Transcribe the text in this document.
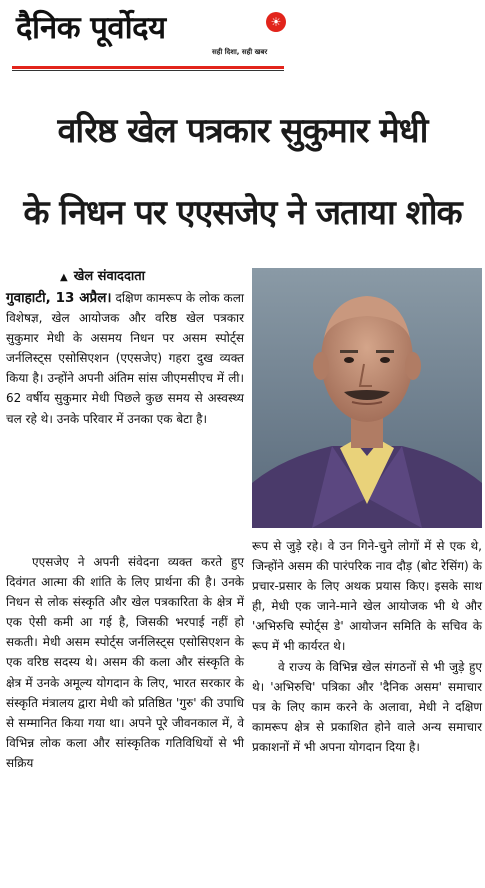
दैनिक पूर्वोदय	☀
सही दिशा, सही खबर
वरिष्ठ खेल पत्रकार सुकुमार मेधी
के निधन पर एएसजेए ने जताया शोक
▲ खेल संवाददाता

गुवाहाटी, 13 अप्रैल। दक्षिण कामरूप के लोक कला विशेषज्ञ, खेल आयोजक और वरिष्ठ खेल पत्रकार सुकुमार मेधी के असमय निधन पर असम स्पोर्ट्स जर्नलिस्ट्स एसोसिएशन (एएसजेए) गहरा दुख व्यक्त किया है। उन्होंने अपनी अंतिम सांस जीएमसीएच में ली। 62 वर्षीय सुकुमार मेधी पिछले कुछ समय से अस्वस्थ्य चल रहे थे। उनके परिवार में उनका एक बेटा है।

एएसजेए ने अपनी संवेदना व्यक्त करते हुए दिवंगत आत्मा की शांति के लिए प्रार्थना की है। उनके निधन से लोक संस्कृति और खेल पत्रकारिता के क्षेत्र में एक ऐसी कमी आ गई है, जिसकी भरपाई नहीं हो सकती। मेधी असम स्पोर्ट्स जर्नलिस्ट्स एसोसिएशन के एक वरिष्ठ सदस्य थे। असम की कला और संस्कृति के क्षेत्र में उनके अमूल्य योगदान के लिए, भारत सरकार के संस्कृति मंत्रालय द्वारा मेधी को प्रतिष्ठित 'गुरु' की उपाधि से सम्मानित किया गया था। अपने पूरे जीवनकाल में, वे विभिन्न लोक कला और सांस्कृतिक गतिविधियों से भी सक्रिय

रूप से जुड़े रहे। वे उन गिने-चुने लोगों में से एक थे, जिन्होंने असम की पारंपरिक नाव दौड़ (बोट रेसिंग) के प्रचार-प्रसार के लिए अथक प्रयास किए। इसके साथ ही, मेधी एक जाने-माने खेल आयोजक भी थे और 'अभिरुचि स्पोर्ट्स डे' आयोजन समिति के सचिव के रूप में भी कार्यरत थे।

वे राज्य के विभिन्न खेल संगठनों से भी जुड़े हुए थे। 'अभिरुचि' पत्रिका और 'दैनिक असम' समाचार पत्र के लिए काम करने के अलावा, मेधी ने दक्षिण कामरूप क्षेत्र से प्रकाशित होने वाले अन्य समाचार प्रकाशनों में भी अपना योगदान दिया है।
